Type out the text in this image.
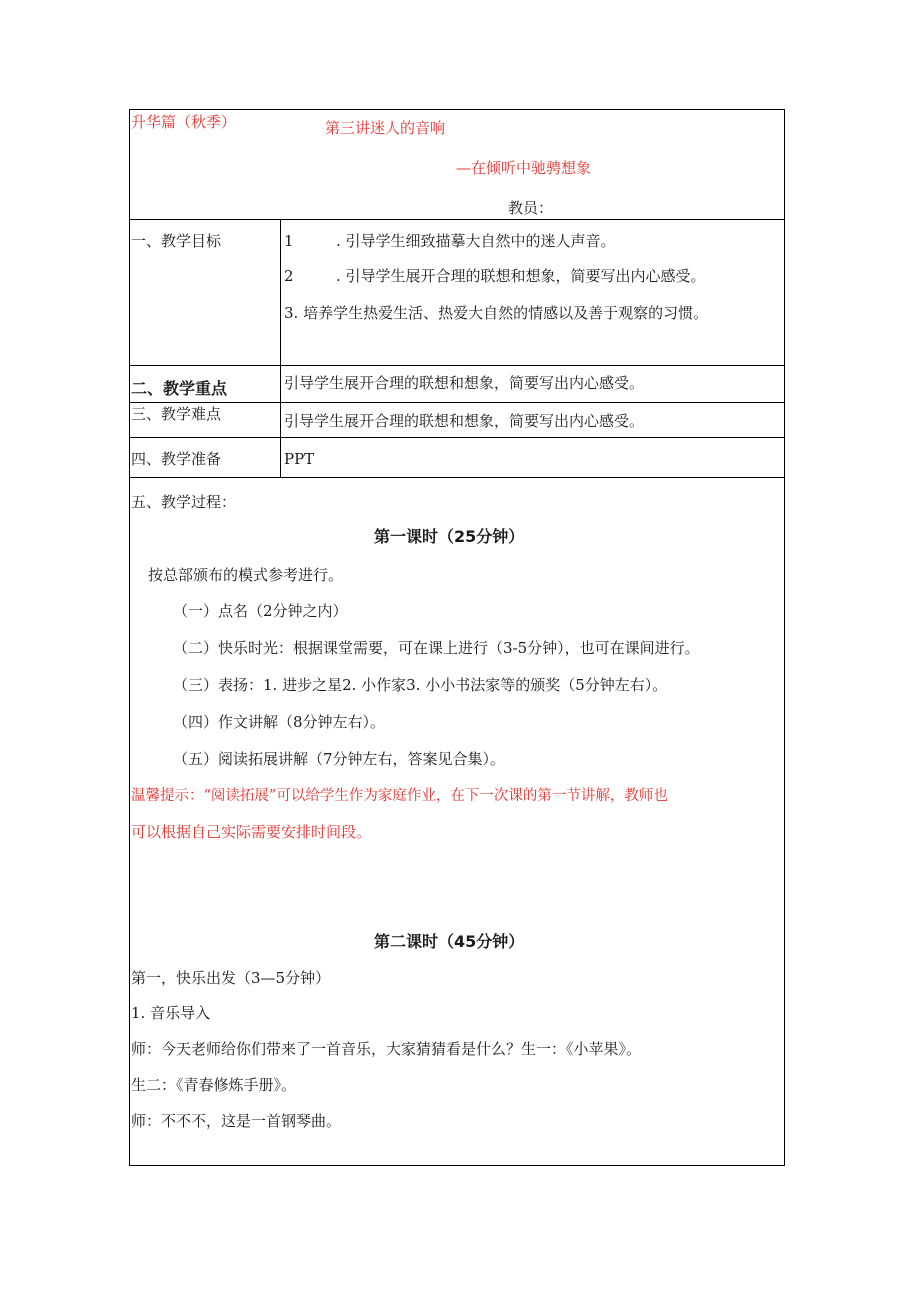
升华篇（秋季）	第三讲迷人的音响
—在倾听中驰骋想象
教员：
一、教学目标	1	. 引导学生细致描摹大自然中的迷人声音。
2	. 引导学生展开合理的联想和想象，简要写出内心感受。
3. 培养学生热爱生活、热爱大自然的情感以及善于观察的习惯。
二、教学重点	引导学生展开合理的联想和想象，简要写出内心感受。
三、教学难点	引导学生展开合理的联想和想象，简要写出内心感受。
四、教学准备	PPT
五、教学过程：
第一课时（25分钟）
按总部颁布的模式参考进行。
（一）点名（2分钟之内）
（二）快乐时光：根据课堂需要，可在课上进行（3-5分钟），也可在课间进行。
（三）表扬：1. 进步之星2. 小作家3. 小小书法家等的颁奖（5分钟左右）。
（四）作文讲解（8分钟左右）。
（五）阅读拓展讲解（7分钟左右，答案见合集）。
温馨提示：“阅读拓展”可以给学生作为家庭作业，在下一次课的第一节讲解，教师也
可以根据自己实际需要安排时间段。
第二课时（45分钟）
第一，快乐出发（3—5分钟）
1. 音乐导入
师：今天老师给你们带来了一首音乐，大家猜猜看是什么？生一：《小苹果》。
生二：《青春修炼手册》。
师：不不不，这是一首钢琴曲。
